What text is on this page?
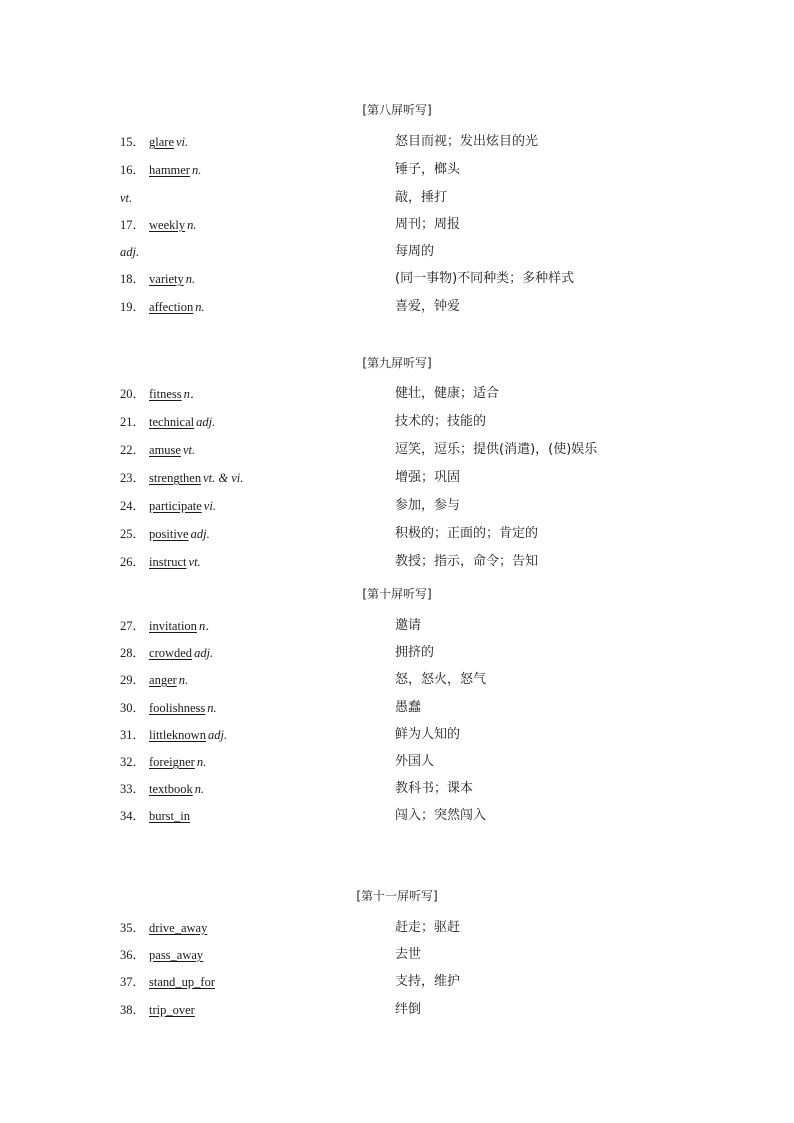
[第八屏听写]
15． glare vi.	怒目而视；发出炫目的光
16． hammer n.	锤子，榔头
vt.	敲，捶打
17． weekly n.	周刊；周报
adj.	每周的
18． variety n.	(同一事物)不同种类；多种样式
19． affection n.	喜爱，钟爱
[第九屏听写]
20． fitness n．	健壮，健康；适合
21． technical adj.	技术的；技能的
22． amuse vt.	逗笑，逗乐；提供(消遣)，(使)娱乐
23． strengthen vt. & vi.	增强；巩固
24． participate vi.	参加，参与
25． positive adj.	积极的；正面的；肯定的
26． instruct vt.	教授；指示，命令；告知
[第十屏听写]
27． invitation n．	邀请
28． crowded adj.	拥挤的
29． anger n.	怒，怒火，怒气
30． foolishness n.	愚蠢
31． littleknown adj.	鲜为人知的
32． foreigner n.	外国人
33． textbook n.	教科书；课本
34． burst_in	闯入；突然闯入
[第十一屏听写]
35． drive_away	赶走；驱赶
36． pass_away	去世
37． stand_up_for	支持，维护
38． trip_over	绊倒
